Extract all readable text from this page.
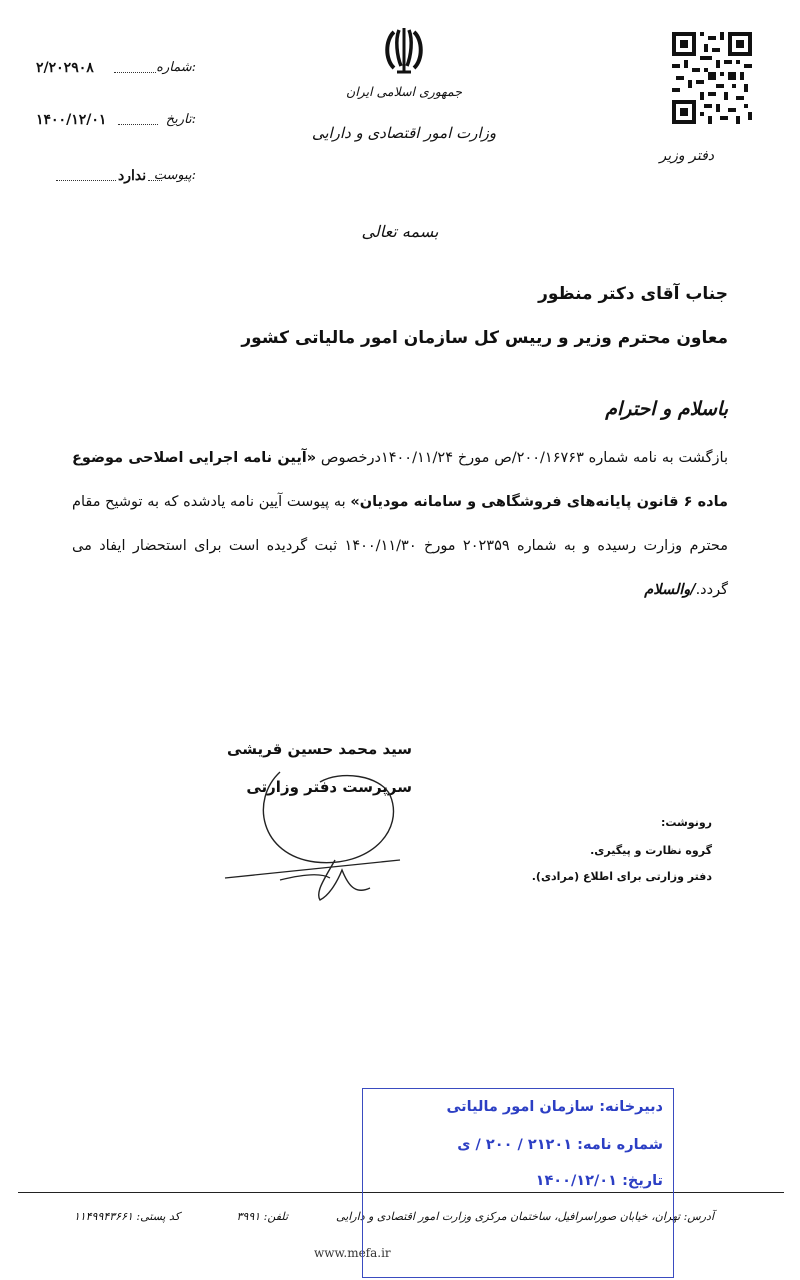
۲/۲۰۲۹۰۸	شماره:
۱۴۰۰/۱۲/۰۱	تاریخ:
ندارد پیوست:
جمهوری اسلامی ایران
وزارت امور اقتصادی و دارایی
دفتر وزیر
بسمه تعالی
جناب آقای دکتر منظور
معاون محترم وزیر و رییس کل سازمان امور مالیاتی کشور
باسلام و احترام
بازگشت به نامه شماره ۲۰۰/۱۶۷۶۳/ص مورخ ۱۴۰۰/۱۱/۲۴درخصوص «آیین نامه اجرایی اصلاحی موضوع ماده ۶ قانون پایانه‌های فروشگاهی و سامانه مودیان» به پیوست آیین نامه یادشده که به توشیح مقام محترم وزارت رسیده و به شماره ۲۰۲۳۵۹ مورخ ۱۴۰۰/۱۱/۳۰ ثبت گردیده است برای استحضار ایفاد می گردد./والسلام
سید محمد حسین قریشی
سرپرست دفتر وزارتی
رونوشت:
گروه نظارت و پیگیری.
دفتر وزارتی برای اطلاع (مرادی).
آدرس: تهران، خیابان صوراسرافیل، ساختمان مرکزی وزارت امور اقتصادی و دارایی
تلفن: ۳۹۹۱
کد پستی: ۱۱۴۹۹۴۳۶۶۱
www.mefa.ir
دبیرخانه: سازمان امور مالیاتی
شماره نامه: ۲۱۲۰۱ / ۲۰۰ / ی
تاریخ: ۱۴۰۰/۱۲/۰۱
